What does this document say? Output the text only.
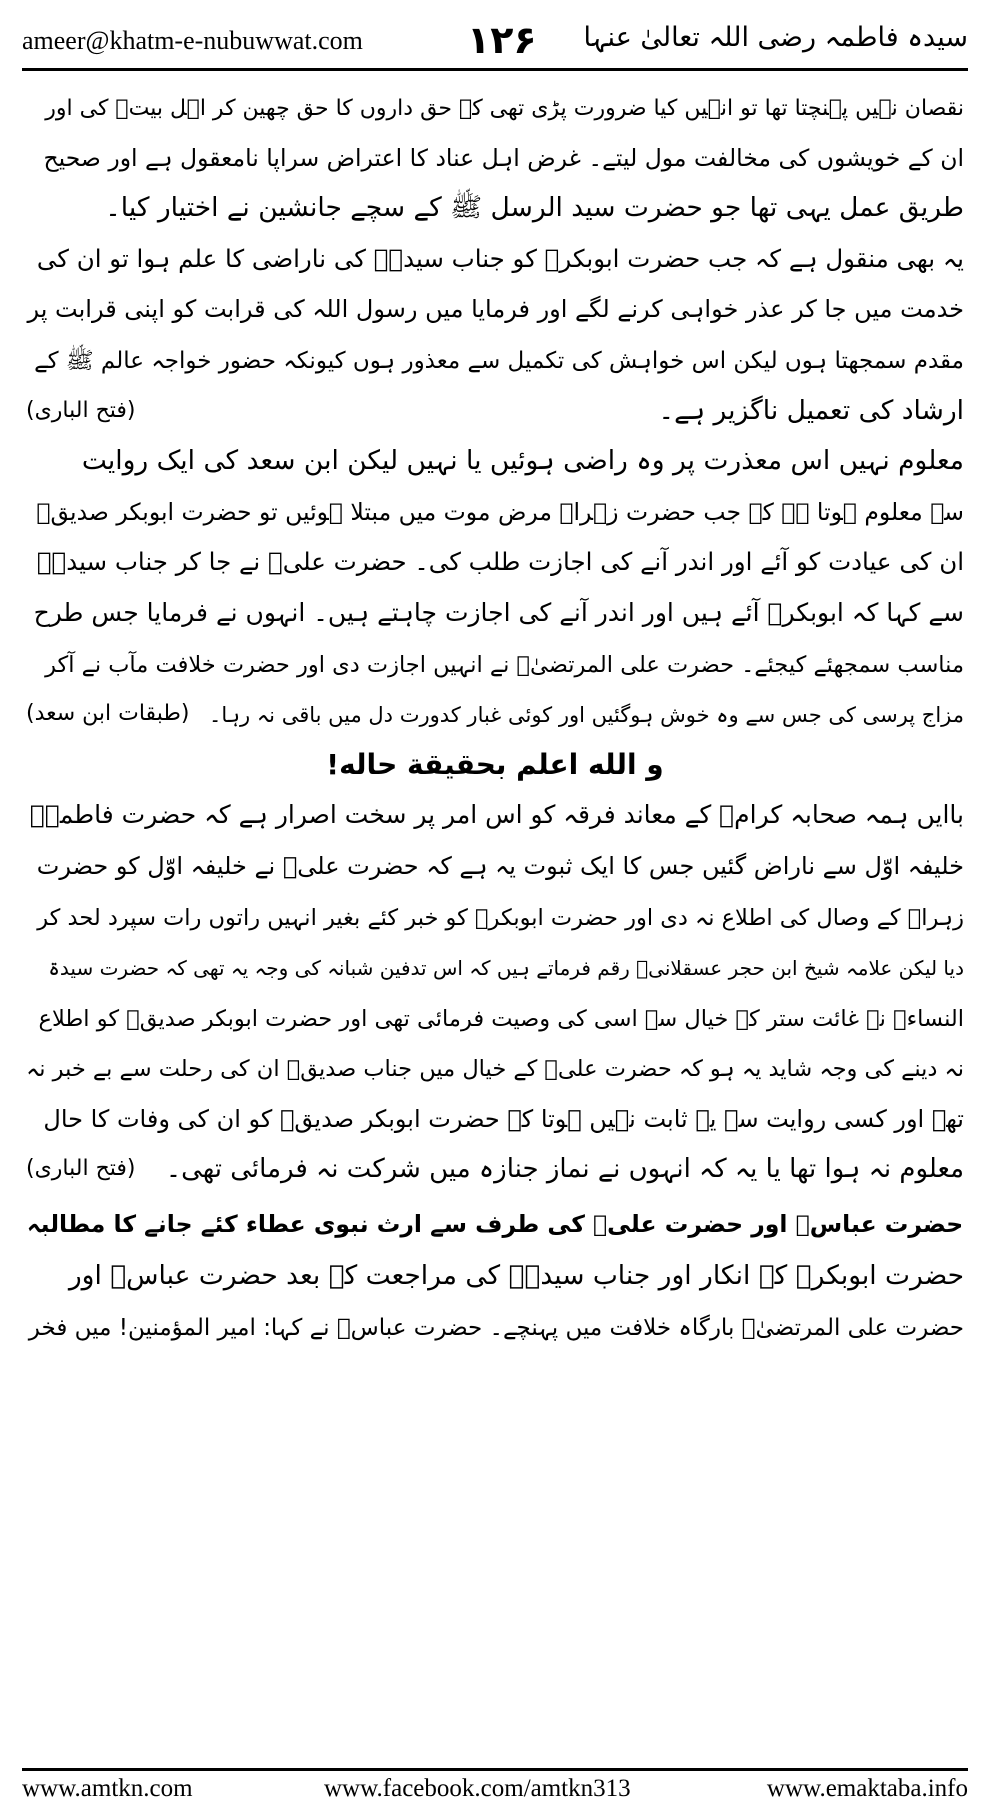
ameer@khatm-e-nubuwwat.com	۱۲۶ سیدہ فاطمہ رضی اللہ تعالیٰ عنہا
نقصان نہیں پہنچتا تھا تو انہیں کیا ضرورت پڑی تھی کہ حق داروں کا حق چھین کر اہل بیتؓ کی اور
ان کے خویشوں کی مخالفت مول لیتے۔ غرض اہل عناد کا اعتراض سراپا نامعقول ہے اور صحیح
طریق عمل یہی تھا جو حضرت سید الرسل ﷺ کے سچے جانشین نے اختیار کیا۔
یہ بھی منقول ہے کہ جب حضرت ابوبکرؓ کو جناب سیدہؓ کی ناراضی کا علم ہوا تو ان کی
خدمت میں جا کر عذر خواہی کرنے لگے اور فرمایا میں رسول اللہ کی قرابت کو اپنی قرابت پر
مقدم سمجھتا ہوں لیکن اس خواہش کی تکمیل سے معذور ہوں کیونکہ حضور خواجہ عالم ﷺ کے
ارشاد کی تعمیل ناگزیر ہے۔
(فتح الباری)
معلوم نہیں اس معذرت پر وہ راضی ہوئیں یا نہیں لیکن ابن سعد کی ایک روایت
سے معلوم ہوتا ہے کہ جب حضرت زہراؓ مرض موت میں مبتلا ہوئیں تو حضرت ابوبکر صدیقؓ
ان کی عیادت کو آئے اور اندر آنے کی اجازت طلب کی۔ حضرت علیؓ نے جا کر جناب سیدہؓ
سے کہا کہ ابوبکرؓ آئے ہیں اور اندر آنے کی اجازت چاہتے ہیں۔ انہوں نے فرمایا جس طرح
مناسب سمجھئے کیجئے۔ حضرت علی المرتضیٰؓ نے انہیں اجازت دی اور حضرت خلافت مآب نے آکر
مزاج پرسی کی جس سے وہ خوش ہوگئیں اور کوئی غبار کدورت دل میں باقی نہ رہا۔
(طبقات ابن سعد)
و الله اعلم بحقيقة حاله!
باایں ہمہ صحابہ کرامؓ کے معاند فرقہ کو اس امر پر سخت اصرار ہے کہ حضرت فاطمہؓ
خلیفہ اوّل سے ناراض گئیں جس کا ایک ثبوت یہ ہے کہ حضرت علیؓ نے خلیفہ اوّل کو حضرت
زہراؓ کے وصال کی اطلاع نہ دی اور حضرت ابوبکرؓ کو خبر کئے بغیر انہیں راتوں رات سپرد لحد کر
دیا لیکن علامہ شیخ ابن حجر عسقلانیؒ رقم فرماتے ہیں کہ اس تدفین شبانہ کی وجہ یہ تھی کہ حضرت سیدۃ
النساءؓ نے غائت ستر کے خیال سے اسی کی وصیت فرمائی تھی اور حضرت ابوبکر صدیقؓ کو اطلاع
نہ دینے کی وجہ شاید یہ ہو کہ حضرت علیؓ کے خیال میں جناب صدیقؓ ان کی رحلت سے بے خبر نہ
تھے اور کسی روایت سے یہ ثابت نہیں ہوتا کہ حضرت ابوبکر صدیقؓ کو ان کی وفات کا حال
معلوم نہ ہوا تھا یا یہ کہ انہوں نے نماز جنازہ میں شرکت نہ فرمائی تھی۔
(فتح الباری)
حضرت عباسؓ اور حضرت علیؓ کی طرف سے ارث نبوی عطاء کئے جانے کا مطالبہ
حضرت ابوبکرؓ کے انکار اور جناب سیدہؓ کی مراجعت کے بعد حضرت عباسؓ اور
حضرت علی المرتضیٰؓ بارگاہ خلافت میں پہنچے۔ حضرت عباسؓ نے کہا: امیر المؤمنین! میں فخر
www.amtkn.com	www.facebook.com/amtkn313	www.emaktaba.info
